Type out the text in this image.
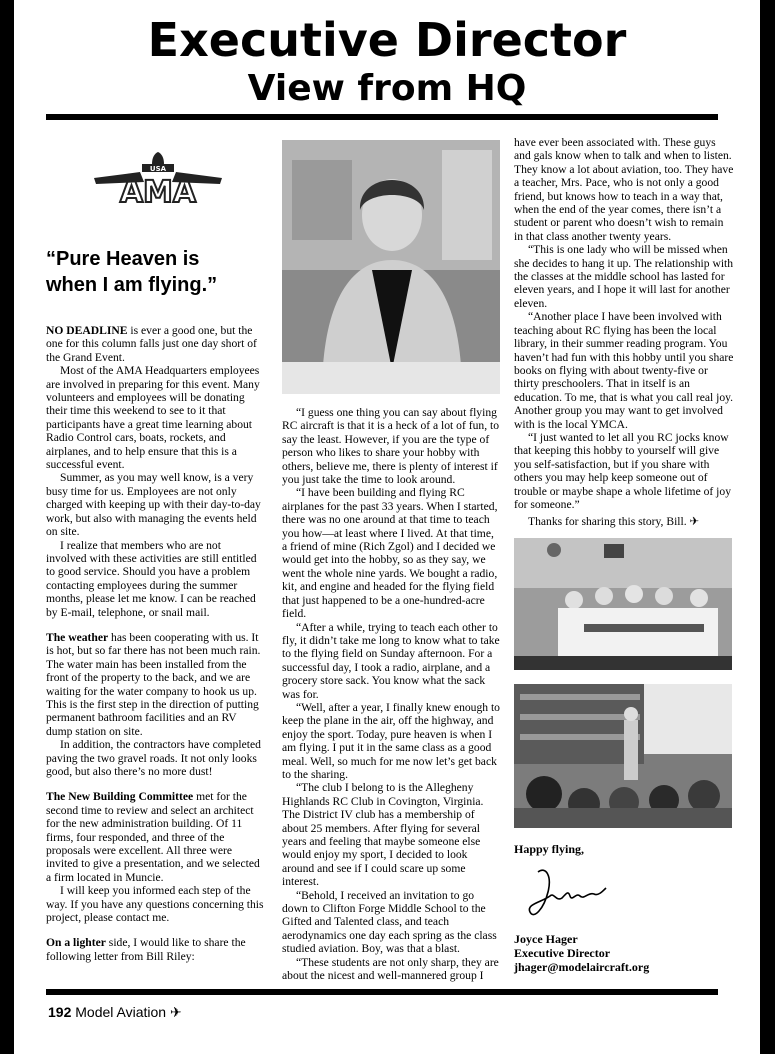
Executive Director
View from HQ
USA
AMA
“Pure Heaven is when I am flying.”

NO DEADLINE is ever a good one, but the one for this column falls just one day short of the Grand Event.

Most of the AMA Headquarters employees are involved in preparing for this event. Many volunteers and employees will be donating their time this weekend to see to it that participants have a great time learning about Radio Control cars, boats, rockets, and airplanes, and to help ensure that this is a successful event.

Summer, as you may well know, is a very busy time for us. Employees are not only charged with keeping up with their day-to-day work, but also with managing the events held on site.

I realize that members who are not involved with these activities are still entitled to good service. Should you have a problem contacting employees during the summer months, please let me know. I can be reached by E-mail, telephone, or snail mail.

The weather has been cooperating with us. It is hot, but so far there has not been much rain. The water main has been installed from the front of the property to the back, and we are waiting for the water company to hook us up. This is the first step in the direction of putting permanent bathroom facilities and an RV dump station on site.

In addition, the contractors have completed paving the two gravel roads. It not only looks good, but also there’s no more dust!

The New Building Committee met for the second time to review and select an architect for the new administration building. Of 11 firms, four responded, and three of the proposals were excellent. All three were invited to give a presentation, and we selected a firm located in Muncie.

I will keep you informed each step of the way. If you have any questions concerning this project, please contact me.

On a lighter side, I would like to share the following letter from Bill Riley:

“I guess one thing you can say about flying RC aircraft is that it is a heck of a lot of fun, to say the least. However, if you are the type of person who likes to share your hobby with others, believe me, there is plenty of interest if you just take the time to look around.

“I have been building and flying RC airplanes for the past 33 years. When I started, there was no one around at that time to teach you how—at least where I lived. At that time, a friend of mine (Rich Zgol) and I decided we would get into the hobby, so as they say, we went the whole nine yards. We bought a radio, kit, and engine and headed for the flying field that just happened to be a one-hundred-acre field.

“After a while, trying to teach each other to fly, it didn’t take me long to know what to take to the flying field on Sunday afternoon. For a successful day, I took a radio, airplane, and a grocery store sack. You know what the sack was for.

“Well, after a year, I finally knew enough to keep the plane in the air, off the highway, and enjoy the sport. Today, pure heaven is when I am flying. I put it in the same class as a good meal. Well, so much for me now let’s get back to the sharing.

“The club I belong to is the Allegheny Highlands RC Club in Covington, Virginia. The District IV club has a membership of about 25 members. After flying for several years and feeling that maybe someone else would enjoy my sport, I decided to look around and see if I could scare up some interest.

“Behold, I received an invitation to go down to Clifton Forge Middle School to the Gifted and Talented class, and teach aerodynamics one day each spring as the class studied aviation. Boy, was that a blast.

“These students are not only sharp, they are about the nicest and well-mannered group I

have ever been associated with. These guys and gals know when to talk and when to listen. They know a lot about aviation, too. They have a teacher, Mrs. Pace, who is not only a good friend, but knows how to teach in a way that, when the end of the year comes, there isn’t a student or parent who doesn’t wish to remain in that class another twenty years.

“This is one lady who will be missed when she decides to hang it up. The relationship with the classes at the middle school has lasted for eleven years, and I hope it will last for another eleven.

“Another place I have been involved with teaching about RC flying has been the local library, in their summer reading program. You haven’t had fun with this hobby until you share books on flying with about twenty-five or thirty preschoolers. That in itself is an education. To me, that is what you call real joy. Another group you may want to get involved with is the local YMCA.

“I just wanted to let all you RC jocks know that keeping this hobby to yourself will give you self-satisfaction, but if you share with others you may help keep someone out of trouble or maybe shape a whole lifetime of joy for someone.”

Thanks for sharing this story, Bill. ✈
Happy flying,
Joyce Hager
Executive Director
jhager@modelaircraft.org
192 Model Aviation ✈
